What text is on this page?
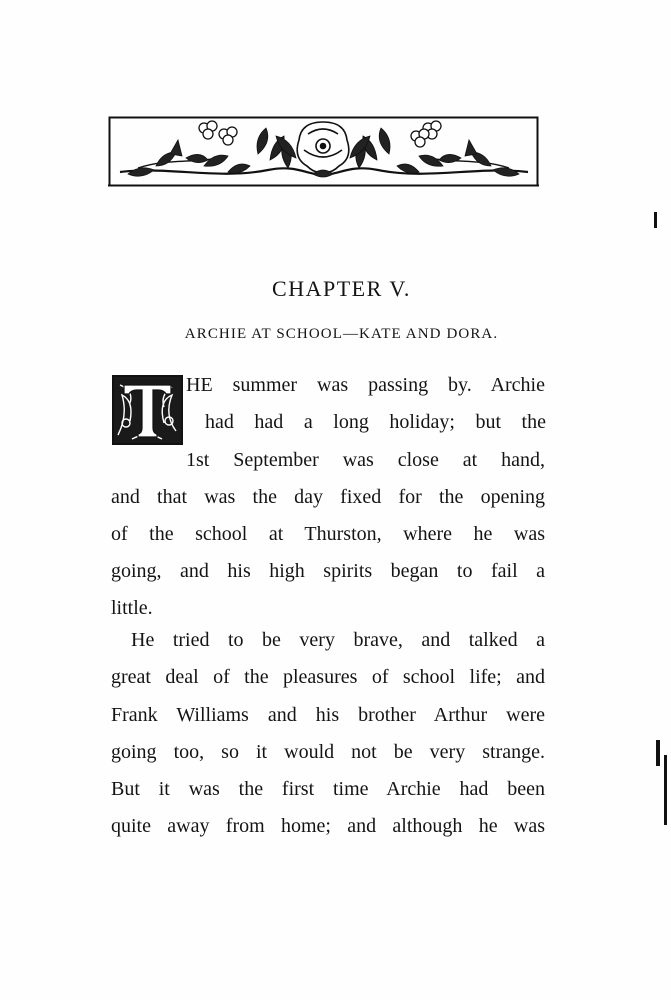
CHAPTER V.
ARCHIE AT SCHOOL—KATE AND DORA.

HE summer was passing by. Archie

had had a long holiday; but the

1st September was close at hand,

and that was the day fixed for the opening

of the school at Thurston, where he was

going, and his high spirits began to fail a

little.

He tried to be very brave, and talked a

great deal of the pleasures of school life; and

Frank Williams and his brother Arthur were

going too, so it would not be very strange.

But it was the first time Archie had been

quite away from home; and although he was
